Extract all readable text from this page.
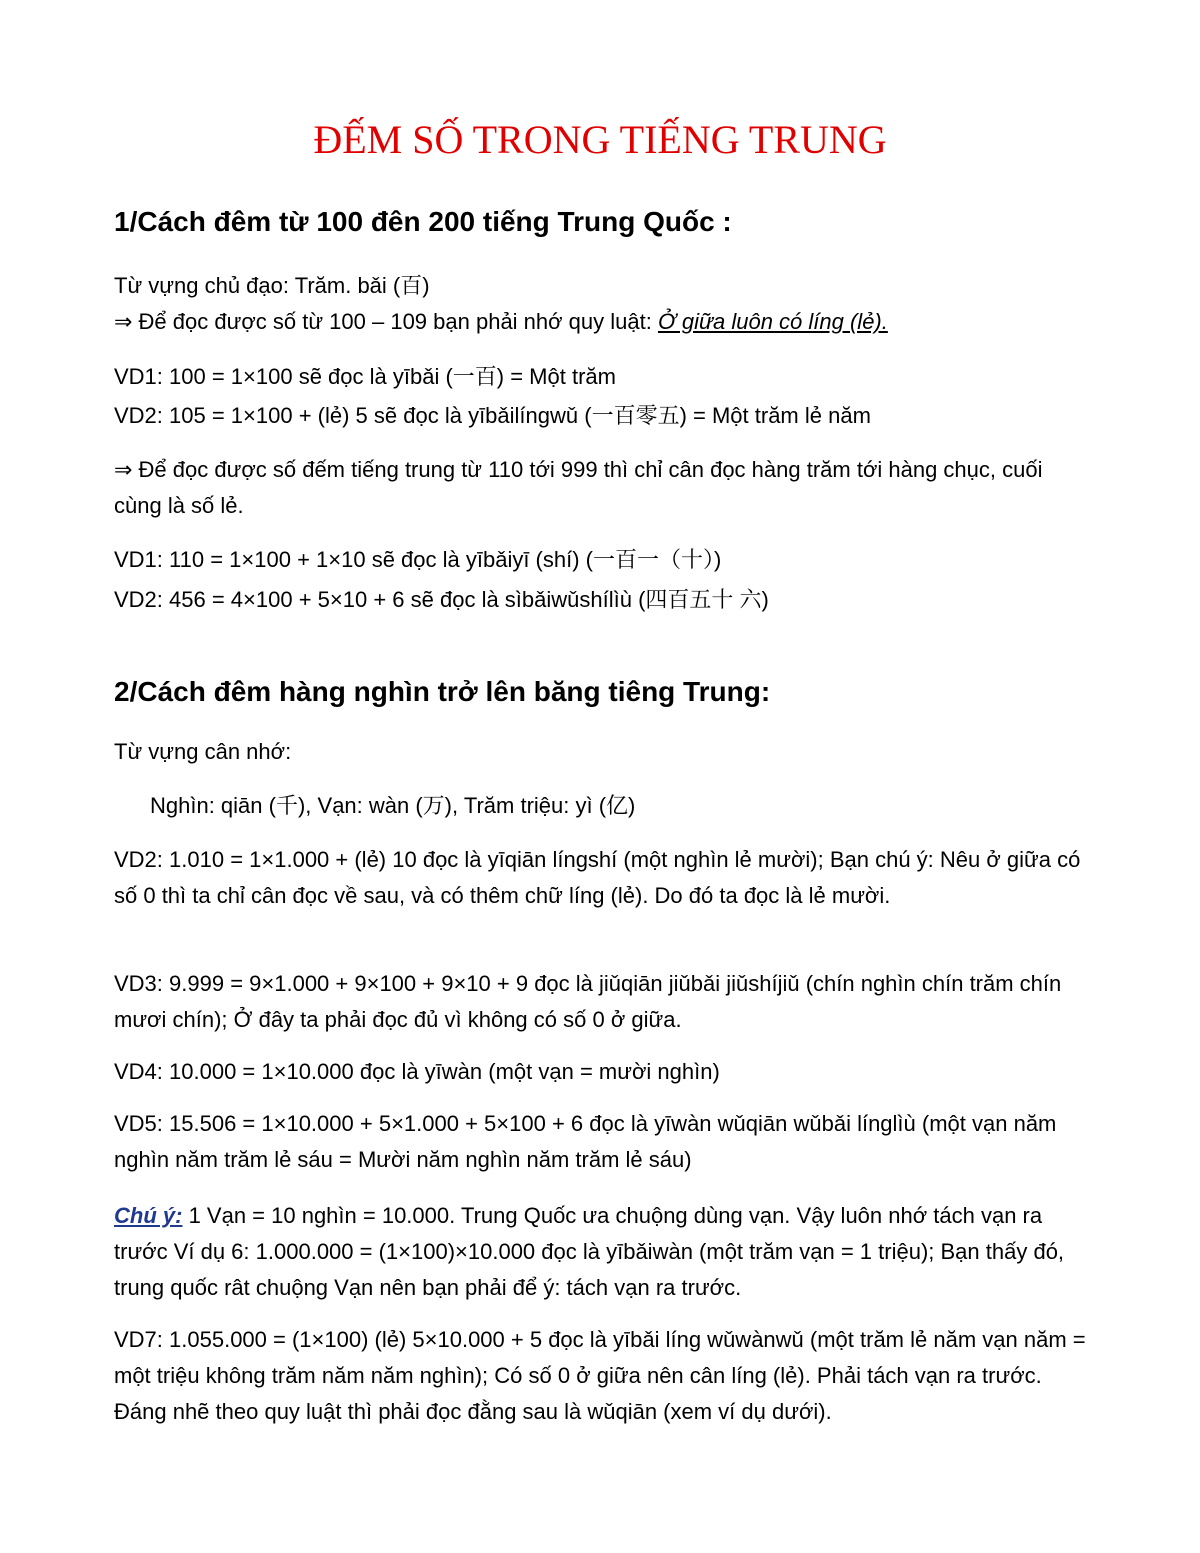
ĐẾM SỐ TRONG TIẾNG TRUNG
1/Cách đêm từ 100 đên 200 tiếng Trung Quốc :

Từ vựng chủ đạo: Trăm. bǎi (百)

⇒ Để đọc được số từ 100 – 109 bạn phải nhớ quy luật: Ở giữa luôn có líng (lẻ).

VD1: 100 = 1×100 sẽ đọc là yībǎi (一百) = Một trăm

VD2: 105 = 1×100 + (lẻ) 5 sẽ đọc là yībǎilíngwǔ (一百零五) = Một trăm lẻ năm

⇒ Để đọc được số đếm tiếng trung từ 110 tới 999 thì chỉ cân đọc hàng trăm tới hàng chục, cuối cùng là số lẻ.

VD1: 110 = 1×100 + 1×10 sẽ đọc là yībǎiyī (shí) (一百一（十）)

VD2: 456 = 4×100 + 5×10 + 6 sẽ đọc là sìbǎiwǔshílìù (四百五十 六)

2/Cách đêm hàng nghìn trở lên băng tiêng Trung:

Từ vựng cân nhớ:

Nghìn: qiān (千), Vạn: wàn (万), Trăm triệu: yì (亿)

VD2: 1.010 = 1×1.000 + (lẻ) 10 đọc là yīqiān língshí (một nghìn lẻ mười); Bạn chú ý: Nêu ở giữa có số 0 thì ta chỉ cân đọc về sau, và có thêm chữ líng (lẻ). Do đó ta đọc là lẻ mười.

VD3: 9.999 = 9×1.000 + 9×100 + 9×10 + 9 đọc là jiǔqiān jiǔbǎi jiǔshíjiǔ (chín nghìn chín trăm chín mươi chín); Ở đây ta phải đọc đủ vì không có số 0 ở giữa.

VD4: 10.000 = 1×10.000 đọc là yīwàn (một vạn = mười nghìn)

VD5: 15.506 = 1×10.000 + 5×1.000 + 5×100 + 6 đọc là yīwàn wǔqiān wǔbǎi línglìù (một vạn năm nghìn năm trăm lẻ sáu = Mười năm nghìn năm trăm lẻ sáu)

Chú ý: 1 Vạn = 10 nghìn = 10.000. Trung Quốc ưa chuộng dùng vạn. Vậy luôn nhớ tách vạn ra trước Ví dụ 6: 1.000.000 = (1×100)×10.000 đọc là yībǎiwàn (một trăm vạn = 1 triệu); Bạn thấy đó, trung quốc rât chuộng Vạn nên bạn phải để ý: tách vạn ra trước.

VD7: 1.055.000 = (1×100) (lẻ) 5×10.000 + 5 đọc là yībǎi líng wǔwànwǔ (một trăm lẻ năm vạn năm = một triệu không trăm năm năm nghìn); Có số 0 ở giữa nên cân líng (lẻ). Phải tách vạn ra trước. Đáng nhẽ theo quy luật thì phải đọc đằng sau là wǔqiān (xem ví dụ dưới).
